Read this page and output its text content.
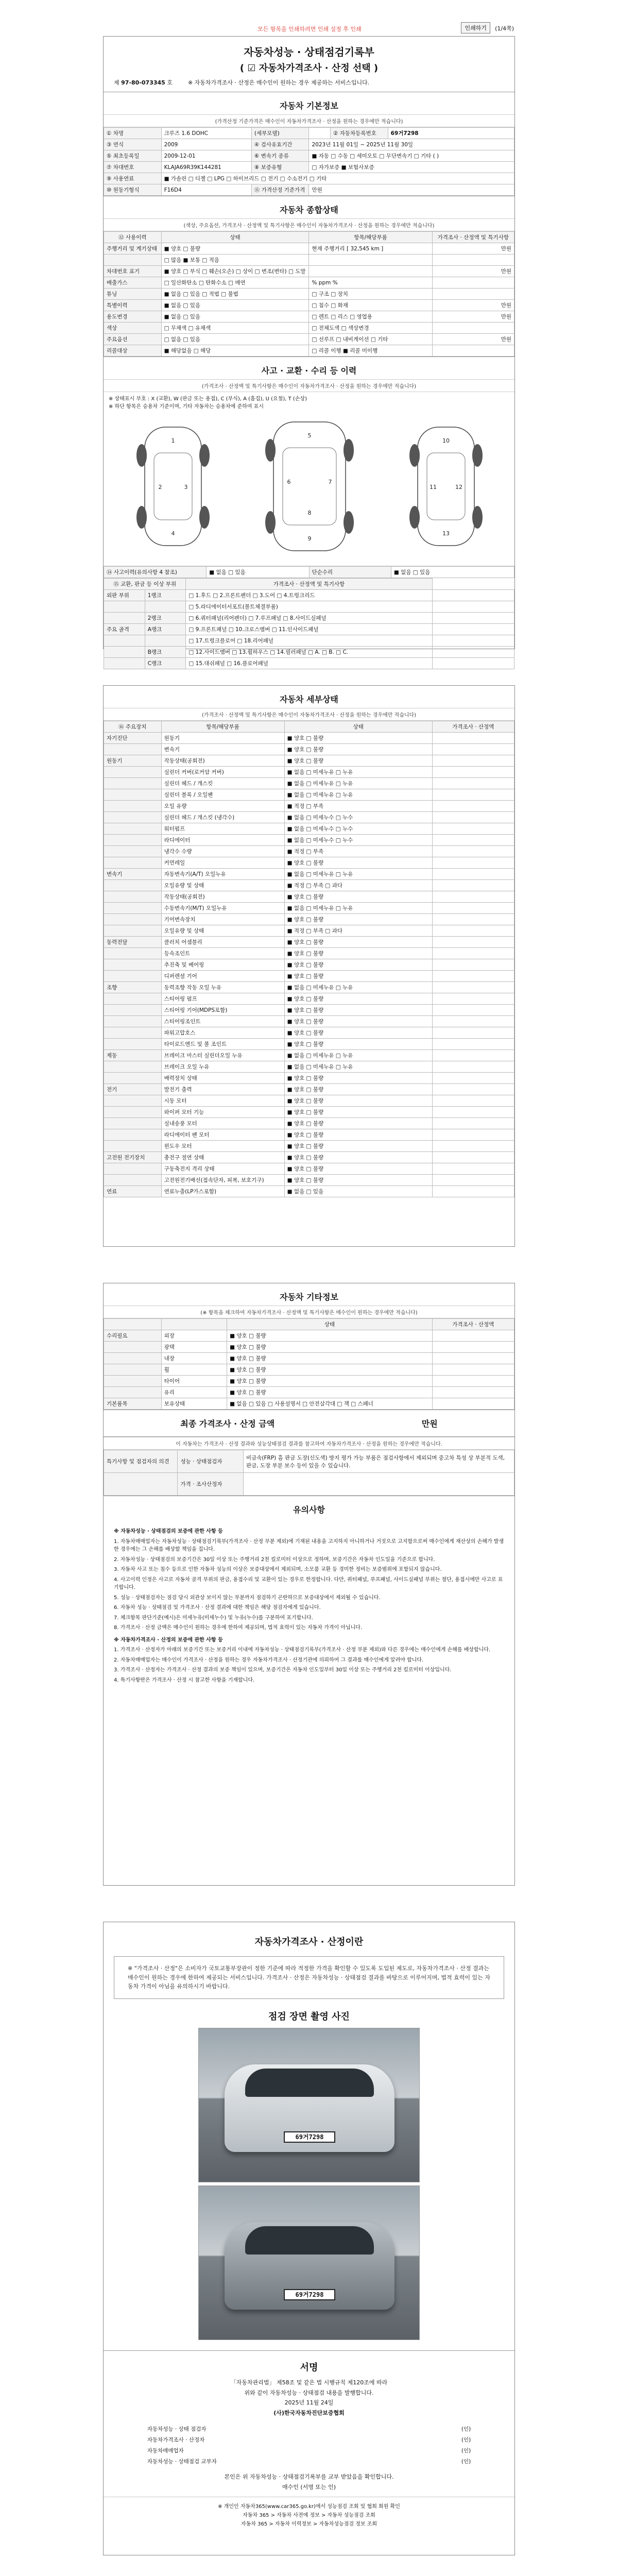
모든 항목을 인쇄하려면 인쇄 설정 후 인쇄	인쇄하기	(1/4쪽)
자동차성능 · 상태점검기록부
( ☑ 자동차가격조사 · 산정 선택 )
제 97-80-073345 호	※ 자동차가격조사 · 산정은 매수인이 원하는 경우 제공하는 서비스입니다.
자동차 기본정보
(가격산정 기준가격은 매수인이 자동차가격조사 · 산정을 원하는 경우에만 적습니다)
① 차명	크루즈 1.6 DOHC	(세부모델)		② 자동차등록번호	69거7298
③ 연식	2009	④ 검사유효기간	2023년 11월 01일 ~ 2025년 11월 30일		
⑤ 최초등록일	2009-12-01	⑥ 변속기 종류	■ 자동 □ 수동 □ 세미오토 □ 무단변속기 □ 기타 ( )		
⑦ 차대번호	KLAJA69R39K144281	⑧ 보증유형	□ 자가보증 ■ 보험사보증		
⑨ 사용연료	■ 가솔린 □ 디젤 □ LPG □ 하이브리드 □ 전기 □ 수소전기 □ 기타				
⑩ 원동기형식	F16D4	⑪ 가격산정 기준가격	만원		
자동차 종합상태
(색상, 주요옵션, 가격조사 · 산정액 및 특기사항은 매수인이 자동차가격조사 · 산정을 원하는 경우에만 적습니다)
⑫ 사용이력	상태	항목/해당부품	가격조사 · 산정액 및 특기사항
주행거리 및 계기상태	■ 양호 □ 불량	현재 주행거리 [ 32,545 km ]	만원
	□ 많음 ■ 보통 □ 적음		
차대번호 표기	■ 양호 □ 부식 □ 훼손(오손) □ 상이 □ 변조(변타) □ 도말		만원
배출가스	□ 일산화탄소 □ 탄화수소 □ 매연	% ppm %	
튜닝	■ 없음 □ 있음 □ 적법 □ 불법	□ 구조 □ 장치	
특별이력	■ 없음 □ 있음	□ 침수 □ 화재	만원
용도변경	■ 없음 □ 있음	□ 렌트 □ 리스 □ 영업용	만원
색상	□ 무채색 □ 유채색	□ 전체도색 □ 색상변경	
주요옵션	□ 없음 □ 있음	□ 선루프 □ 내비게이션 □ 기타	만원
리콜대상	■ 해당없음 □ 해당	□ 리콜 이행 ■ 리콜 미이행	
사고 · 교환 · 수리 등 이력
(가격조사 · 산정액 및 특기사항은 매수인이 자동차가격조사 · 산정을 원하는 경우에만 적습니다)
※ 상태표시 부호 : X (교환), W (판금 또는 용접), C (부식), A (흠집), U (요철), T (손상)
※ 하단 항목은 승용차 기준이며, 기타 자동차는 승용차에 준하여 표시
1
2	3
4
5
6	7
8
9
10
11	12
13
⑭ 사고이력(유의사항 4 참조)	■ 없음 □ 있음	단순수리	■ 없음 □ 있음
⑮ 교환, 판금 등 이상 부위		가격조사 · 산정액 및 특기사항	
외판 부위	1랭크	□ 1.후드 □ 2.프론트펜더 □ 3.도어 □ 4.트렁크리드	
		□ 5.라디에이터서포트(볼트체결부품)	
	2랭크	□ 6.쿼터패널(리어펜더) □ 7.루프패널 □ 8.사이드실패널	
주요 골격	A랭크	□ 9.프론트패널 □ 10.크로스멤버 □ 11.인사이드패널	
		□ 17.트렁크플로어 □ 18.리어패널	
	B랭크	□ 12.사이드멤버 □ 13.휠하우스 □ 14.필러패널 □ A. □ B. □ C.	
	C랭크	□ 15.대쉬패널 □ 16.플로어패널	
자동차 세부상태
(가격조사 · 산정액 및 특기사항은 매수인이 자동차가격조사 · 산정을 원하는 경우에만 적습니다)
⑯ 주요장치	항목/해당부품	상태	가격조사 · 산정액
자기진단	원동기	■ 양호 □ 불량	
	변속기	■ 양호 □ 불량	
원동기	작동상태(공회전)	■ 양호 □ 불량	
	실린더 커버(로커암 커버)	■ 없음 □ 미세누유 □ 누유	
	실린더 헤드 / 개스킷	■ 없음 □ 미세누유 □ 누유	
	실린더 블록 / 오일팬	■ 없음 □ 미세누유 □ 누유	
	오일 유량	■ 적정 □ 부족	
	실린더 헤드 / 개스킷 (냉각수)	■ 없음 □ 미세누수 □ 누수	
	워터펌프	■ 없음 □ 미세누수 □ 누수	
	라디에이터	■ 없음 □ 미세누수 □ 누수	
	냉각수 수량	■ 적정 □ 부족	
	커먼레일	■ 양호 □ 불량	
변속기	자동변속기(A/T) 오일누유	■ 없음 □ 미세누유 □ 누유	
	오일유량 및 상태	■ 적정 □ 부족 □ 과다	
	작동상태(공회전)	■ 양호 □ 불량	
	수동변속기(M/T) 오일누유	■ 없음 □ 미세누유 □ 누유	
	기어변속장치	■ 양호 □ 불량	
	오일유량 및 상태	■ 적정 □ 부족 □ 과다	
동력전달	클러치 어셈블리	■ 양호 □ 불량	
	등속조인트	■ 양호 □ 불량	
	추진축 및 베어링	■ 양호 □ 불량	
	디퍼렌셜 기어	■ 양호 □ 불량	
조향	동력조향 작동 오일 누유	■ 없음 □ 미세누유 □ 누유	
	스티어링 펌프	■ 양호 □ 불량	
	스티어링 기어(MDPS포함)	■ 양호 □ 불량	
	스티어링조인트	■ 양호 □ 불량	
	파워고압호스	■ 양호 □ 불량	
	타이로드엔드 및 볼 조인트	■ 양호 □ 불량	
제동	브레이크 마스터 실린더오일 누유	■ 없음 □ 미세누유 □ 누유	
	브레이크 오일 누유	■ 없음 □ 미세누유 □ 누유	
	배력장치 상태	■ 양호 □ 불량	
전기	발전기 출력	■ 양호 □ 불량	
	시동 모터	■ 양호 □ 불량	
	와이퍼 모터 기능	■ 양호 □ 불량	
	실내송풍 모터	■ 양호 □ 불량	
	라디에이터 팬 모터	■ 양호 □ 불량	
	윈도우 모터	■ 양호 □ 불량	
고전원 전기장치	충전구 절연 상태	■ 양호 □ 불량	
	구동축전지 격리 상태	■ 양호 □ 불량	
	고전원전기배선(접속단자, 피복, 보호기구)	■ 양호 □ 불량	
연료	연료누출(LP가스포함)	■ 없음 □ 있음	
자동차 기타정보
(※ 항목을 체크하여 자동차가격조사 · 산정액 및 특기사항은 매수인이 원하는 경우에만 적습니다)
		상태	가격조사 · 산정액
수리필요	외장	■ 양호 □ 불량	
	광택	■ 양호 □ 불량	
	내장	■ 양호 □ 불량	
	휠	■ 양호 □ 불량	
	타이어	■ 양호 □ 불량	
	유리	■ 양호 □ 불량	
기본품목	보유상태	■ 없음 □ 있음 □ 사용설명서 □ 안전삼각대 □ 잭 □ 스패너	
최종 가격조사 · 산정 금액	만원
이 자동차는 가격조사 · 산정 결과와 성능상태점검 결과를 참고하여 자동차가격조사 · 산정을 원하는 경우에만 적습니다.
특기사항 및 점검자의 의견	성능 · 상태점검자	비금속(FRP) 흠 판금 도장(신도색) 방지 평가 가능 부품은 점검사항에서 제외되며 중고차 특성 상 부분적 도색, 판금, 도장 부분 보수 등이 있을 수 있습니다.
	가격 · 조사산정자	
유의사항

※ 자동차성능 · 상태점검의 보증에 관한 사항 등

1. 자동차매매업자는 자동차성능 · 상태점검기록부(가격조사 · 산정 부분 제외)에 기재된 내용을 고지하지 아니하거나 거짓으로 고지함으로써 매수인에게 재산상의 손해가 발생한 경우에는 그 손해를 배상할 책임을 집니다.

2. 자동차성능 · 상태점검의 보증기간은 30일 이상 또는 주행거리 2천 킬로미터 이상으로 정하며, 보증기간은 자동차 인도일을 기준으로 합니다.

3. 자동차 사고 또는 침수 등으로 인한 자동차 성능의 이상은 보증대상에서 제외되며, 소모품 교환 등 경미한 정비는 보증범위에 포함되지 않습니다.

4. 사고이력 인정은 사고로 자동차 골격 부위의 판금, 용접수리 및 교환이 있는 경우로 한정합니다. 다만, 쿼터패널, 루프패널, 사이드실패널 부위는 절단, 용접시에만 사고로 표기합니다.

5. 성능 · 상태점검자는 점검 당시 외관상 보이지 않는 부분까지 점검하기 곤란하므로 보증대상에서 제외될 수 있습니다.

6. 자동차 성능 · 상태점검 및 가격조사 · 산정 결과에 대한 책임은 해당 점검자에게 있습니다.

7. 체크항목 판단기준(예시)은 미세누유(미세누수) 및 누유(누수)를 구분하여 표기합니다.

8. 가격조사 · 산정 금액은 매수인이 원하는 경우에 한하여 제공되며, 법적 효력이 있는 자동차 가격이 아닙니다.

※ 자동차가격조사 · 산정의 보증에 관한 사항 등

1. 가격조사 · 산정자가 아래의 보증기간 또는 보증거리 이내에 자동차성능 · 상태점검기록부(가격조사 · 산정 부분 제외)와 다른 경우에는 매수인에게 손해를 배상합니다.

2. 자동차매매업자는 매수인이 가격조사 · 산정을 원하는 경우 자동차가격조사 · 산정기관에 의뢰하여 그 결과를 매수인에게 알려야 합니다.

3. 가격조사 · 산정자는 가격조사 · 산정 결과의 보증 책임이 있으며, 보증기간은 자동차 인도일부터 30일 이상 또는 주행거리 2천 킬로미터 이상입니다.

4. 특기사항란은 가격조사 · 산정 시 참고한 사항을 기재합니다.

자동차가격조사 · 산정이란
※ "가격조사 · 산정"은 소비자가 국토교통부장관이 정한 기준에 따라 적정한 가격을 확인할 수 있도록 도입된 제도로, 자동차가격조사 · 산정 결과는 매수인이 원하는 경우에 한하여 제공되는 서비스입니다. 가격조사 · 산정은 자동차성능 · 상태점검 결과를 바탕으로 이루어지며, 법적 효력이 있는 자동차 가격이 아님을 유의하시기 바랍니다.
점검 장면 촬영 사진
69거7298
69거7298
서명
「자동차관리법」 제58조 및 같은 법 시행규칙 제120조에 따라
위와 같이 자동차성능 · 상태점검 내용을 발행합니다.
2025년 11월 24일
(사)한국자동차진단보증협회
자동차성능 · 상태 점검자		(인)
자동차가격조사 · 산정자		(인)
자동차매매업자		(인)
자동차성능 · 상태점검 교부자		(인)
본인은 위 자동차성능 · 상태점검기록부를 교부 받았음을 확인합니다.
매수인 (서명 또는 인)
※ 개인인 자동차365(www.car365.go.kr)에서 성능점검 조회 및 협회 회원 확인
자동차 365 > 자동차 사전에 정보 > 자동차 성능점검 조회
자동차 365 > 자동차 이력정보 > 자동차성능점검 정보 조회
